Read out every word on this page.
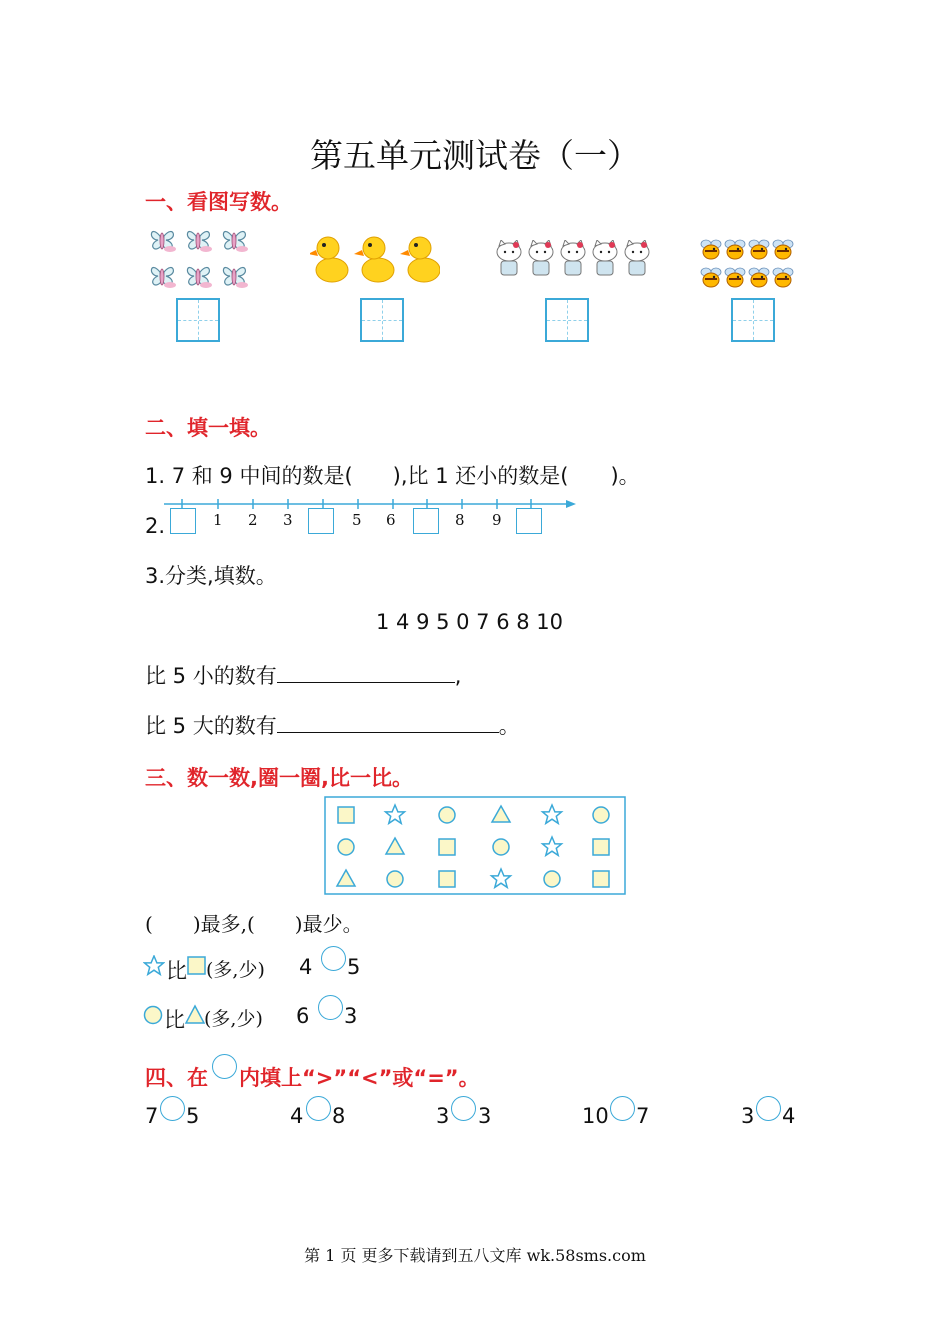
第五单元测试卷（一）
一、看图写数。
二、填一填。
1. 7 和 9 中间的数是( ),比 1 还小的数是( )。
2.	1 2 3	5 6	8 9
3.分类,填数。
1 4 9 5 0 7 6 8 10
比 5 小的数有	,
比 5 大的数有	。
三、数一数,圈一圈,比一比。
( )最多,( )最少。
比 (多,少) 4 5
比 (多,少) 6 3
四、在 内填上“>”“<”或“=”。
7 5	4 8	3 3	10 7	3 4
第 1 页 更多下载请到五八文库 wk.58sms.com
